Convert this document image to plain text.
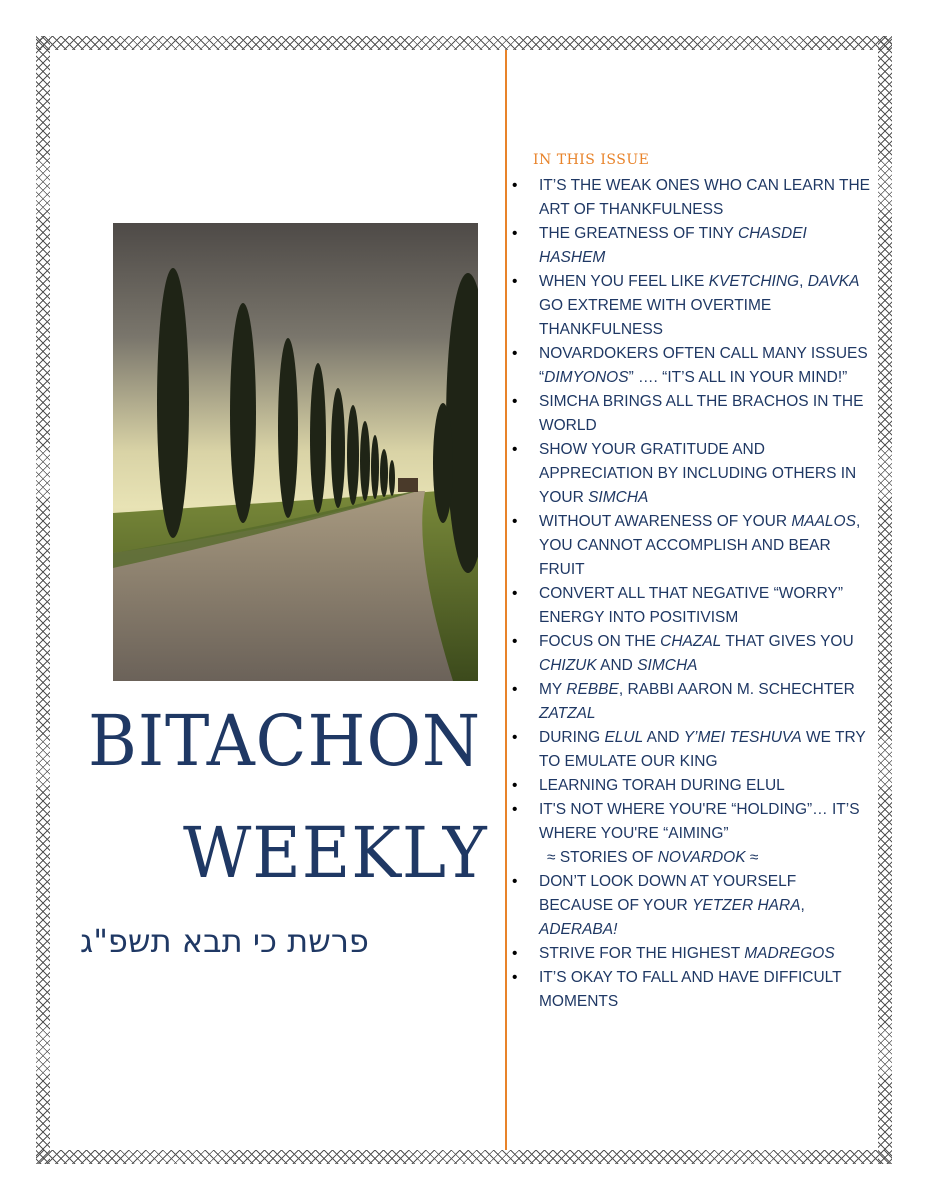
BITACHON
WEEKLY
פרשת כי תבא תשפ"ג
IN THIS ISSUE
• IT’S THE WEAK ONES WHO CAN LEARN THE ART OF THANKFULNESS
• THE GREATNESS OF TINY CHASDEI HASHEM
• WHEN YOU FEEL LIKE KVETCHING, DAVKA GO EXTREME WITH OVERTIME THANKFULNESS
• NOVARDOKERS OFTEN CALL MANY ISSUES “DIMYONOS” …. “IT’S ALL IN YOUR MIND!”
• SIMCHA BRINGS ALL THE BRACHOS IN THE WORLD
• SHOW YOUR GRATITUDE AND APPRECIATION BY INCLUDING OTHERS IN YOUR SIMCHA
• WITHOUT AWARENESS OF YOUR MAALOS, YOU CANNOT ACCOMPLISH AND BEAR FRUIT
• CONVERT ALL THAT NEGATIVE “WORRY” ENERGY INTO POSITIVISM
• FOCUS ON THE CHAZAL THAT GIVES YOU CHIZUK AND SIMCHA
• MY REBBE, RABBI AARON M. SCHECHTER ZATZAL
• DURING ELUL AND Y’MEI TESHUVA WE TRY TO EMULATE OUR KING
• LEARNING TORAH DURING ELUL
• IT'S NOT WHERE YOU'RE “HOLDING”… IT’S WHERE YOU'RE “AIMING”
≈ STORIES OF NOVARDOK ≈
• DON’T LOOK DOWN AT YOURSELF BECAUSE OF YOUR YETZER HARA, ADERABA!
• STRIVE FOR THE HIGHEST MADREGOS
• IT’S OKAY TO FALL AND HAVE DIFFICULT MOMENTS
